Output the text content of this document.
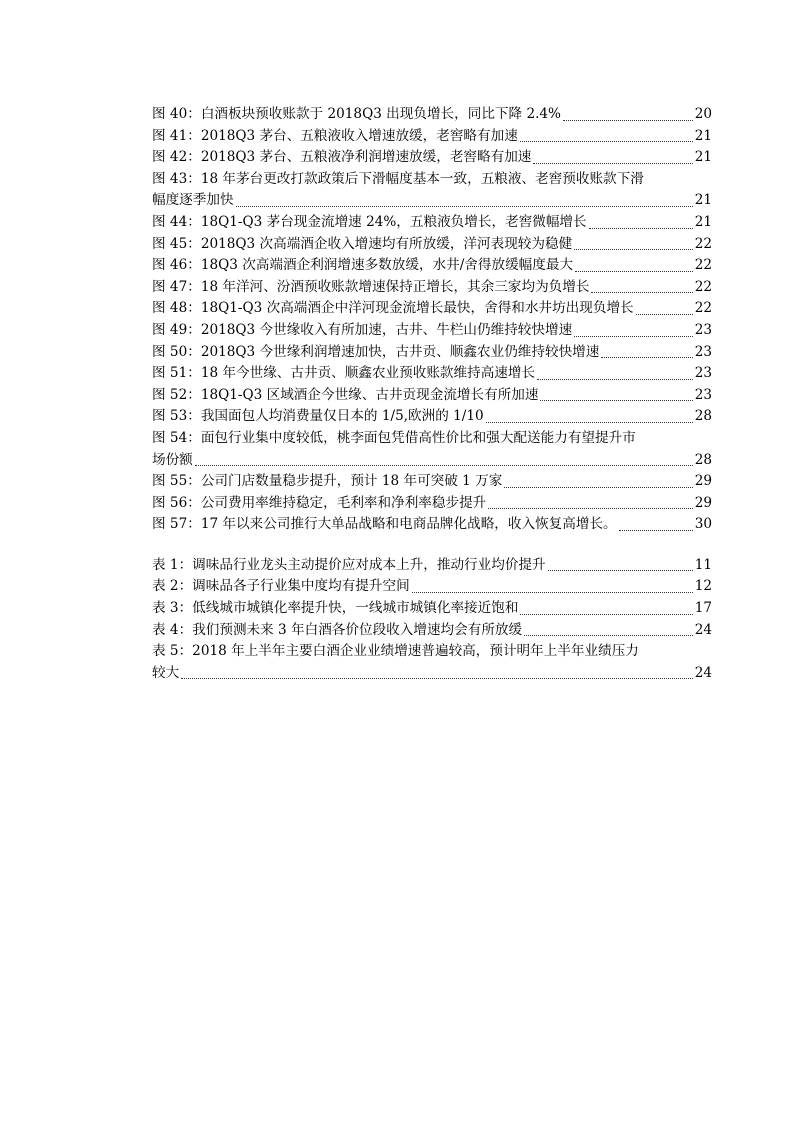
图 40：白酒板块预收账款于 2018Q3 出现负增长，同比下降 2.4%	20
图 41：2018Q3 茅台、五粮液收入增速放缓，老窖略有加速	21
图 42：2018Q3 茅台、五粮液净利润增速放缓，老窖略有加速	21
图 43：18 年茅台更改打款政策后下滑幅度基本一致，五粮液、老窖预收账款下滑
幅度逐季加快	21
图 44：18Q1-Q3 茅台现金流增速 24%，五粮液负增长，老窖微幅增长	21
图 45：2018Q3 次高端酒企收入增速均有所放缓，洋河表现较为稳健	22
图 46：18Q3 次高端酒企利润增速多数放缓，水井/舍得放缓幅度最大	22
图 47：18 年洋河、汾酒预收账款增速保持正增长，其余三家均为负增长	22
图 48：18Q1-Q3 次高端酒企中洋河现金流增长最快，舍得和水井坊出现负增长	22
图 49：2018Q3 今世缘收入有所加速，古井、牛栏山仍维持较快增速	23
图 50：2018Q3 今世缘利润增速加快，古井贡、顺鑫农业仍维持较快增速	23
图 51：18 年今世缘、古井贡、顺鑫农业预收账款维持高速增长	23
图 52：18Q1-Q3 区域酒企今世缘、古井贡现金流增长有所加速	23
图 53：我国面包人均消费量仅日本的 1/5,欧洲的 1/10	28
图 54：面包行业集中度较低，桃李面包凭借高性价比和强大配送能力有望提升市
场份额	28
图 55：公司门店数量稳步提升，预计 18 年可突破 1 万家	29
图 56：公司费用率维持稳定，毛利率和净利率稳步提升	29
图 57：17 年以来公司推行大单品战略和电商品牌化战略，收入恢复高增长。	30
表 1：调味品行业龙头主动提价应对成本上升，推动行业均价提升	11
表 2：调味品各子行业集中度均有提升空间	12
表 3：低线城市城镇化率提升快，一线城市城镇化率接近饱和	17
表 4：我们预测未来 3 年白酒各价位段收入增速均会有所放缓	24
表 5：2018 年上半年主要白酒企业业绩增速普遍较高，预计明年上半年业绩压力
较大	24
